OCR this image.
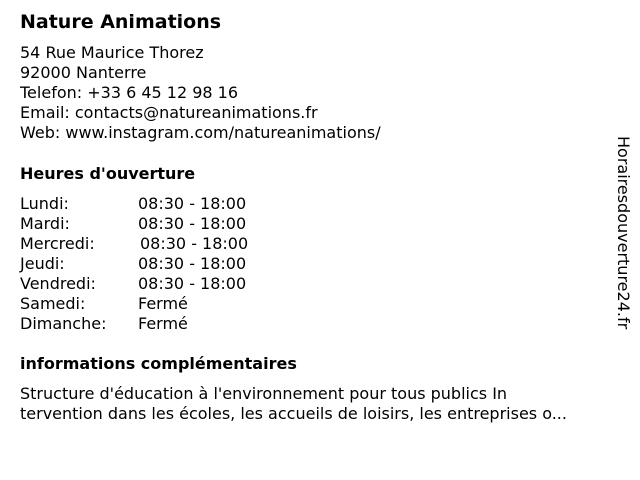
Nature Animations
54 Rue Maurice Thorez
92000 Nanterre
Telefon: +33 6 45 12 98 16
Email: contacts@natureanimations.fr
Web: www.instagram.com/natureanimations/
Heures d'ouverture
Lundi:	08:30 - 18:00
Mardi:	08:30 - 18:00
Mercredi:	08:30 - 18:00
Jeudi:	08:30 - 18:00
Vendredi:	08:30 - 18:00
Samedi:	Fermé
Dimanche: Fermé
informations complémentaires
Structure d'éducation à l'environnement pour tous publics In
tervention dans les écoles, les accueils de loisirs, les entreprises o...
Horairesdouverture24.fr
